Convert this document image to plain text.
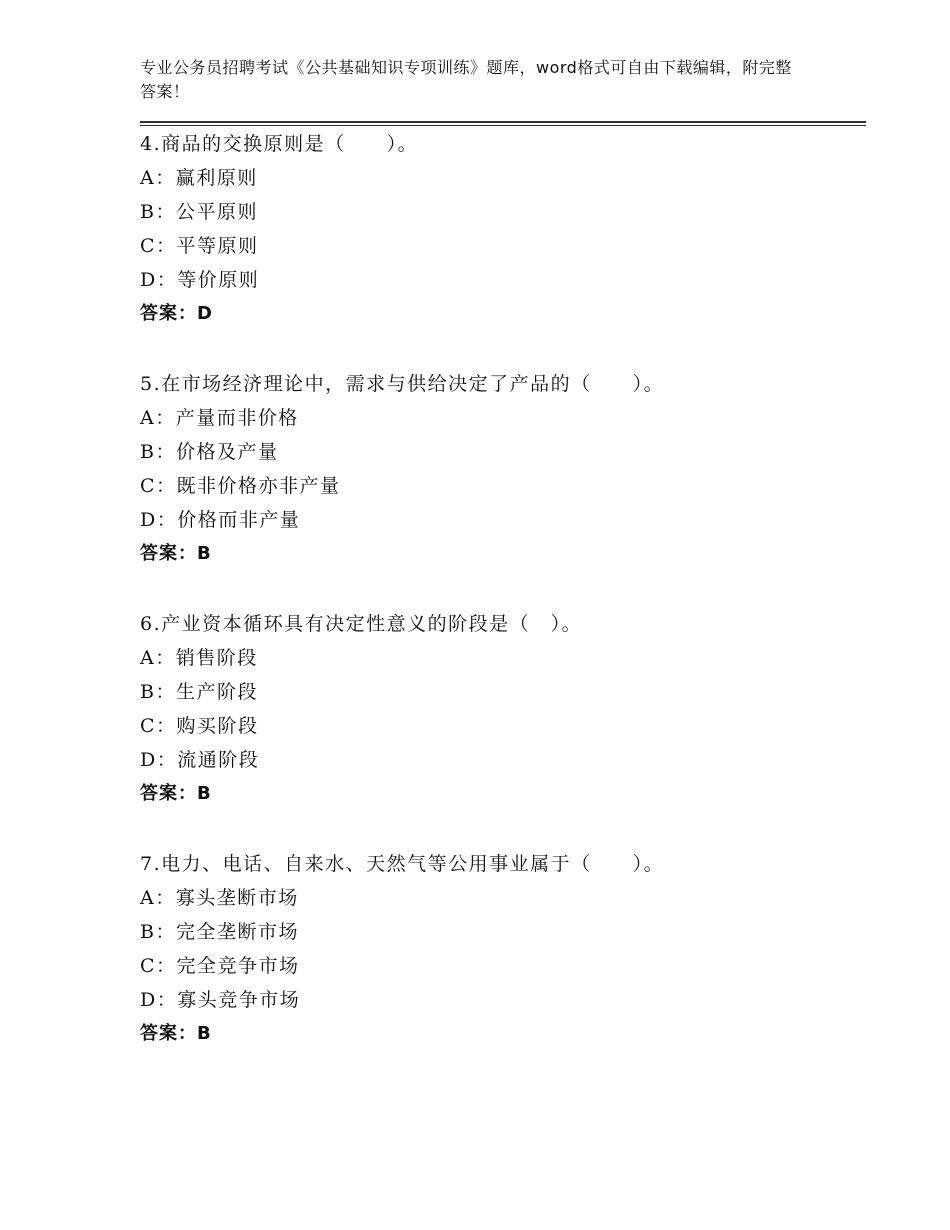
专业公务员招聘考试《公共基础知识专项训练》题库，word格式可自由下载编辑，附完整答案！
4.商品的交换原则是（　　）。
A：赢利原则
B：公平原则
C：平等原则
D：等价原则
答案：D
5.在市场经济理论中，需求与供给决定了产品的（　　）。
A：产量而非价格
B：价格及产量
C：既非价格亦非产量
D：价格而非产量
答案：B
6.产业资本循环具有决定性意义的阶段是（　）。
A：销售阶段
B：生产阶段
C：购买阶段
D：流通阶段
答案：B
7.电力、电话、自来水、天然气等公用事业属于（　　）。
A：寡头垄断市场
B：完全垄断市场
C：完全竞争市场
D：寡头竞争市场
答案：B
